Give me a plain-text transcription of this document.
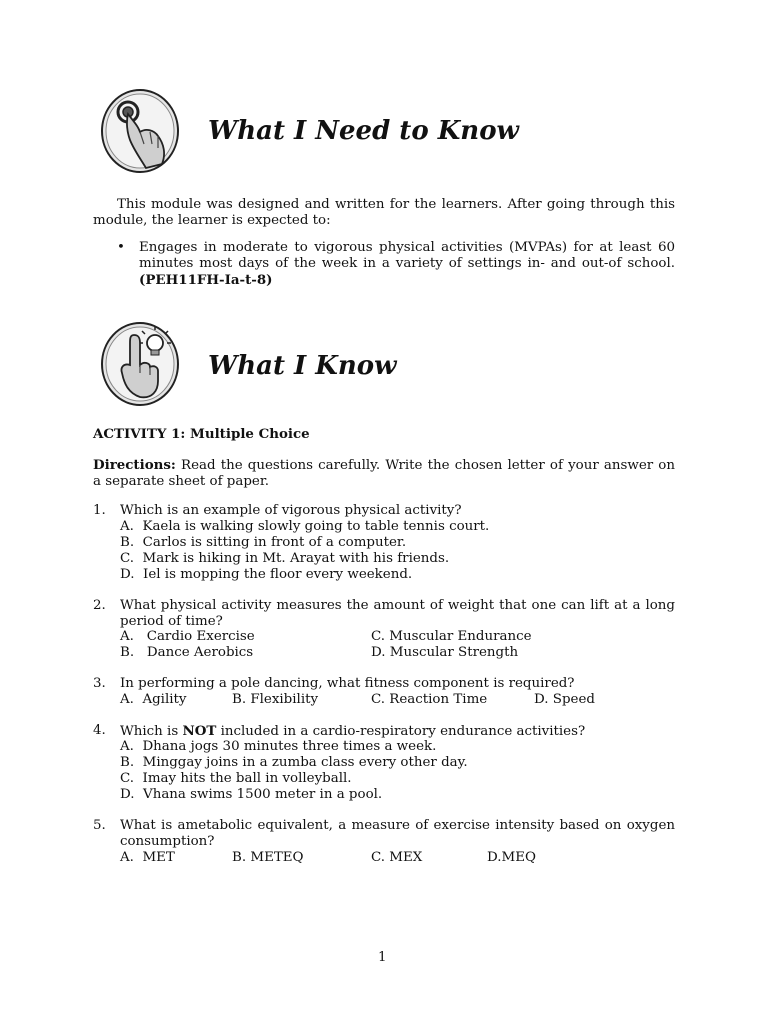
What I Need to Know
This module was designed and written for the learners. After going through this module, the learner is expected to:
• Engages in moderate to vigorous physical activities (MVPAs) for at least 60 minutes most days of the week in a variety of settings in- and out-of school. (PEH11FH-Ia-t-8)
What I Know
ACTIVITY 1: Multiple Choice
Directions: Read the questions carefully. Write the chosen letter of your answer on a separate sheet of paper.
1. Which is an example of vigorous physical activity?
A.  Kaela is walking slowly going to table tennis court.
B.  Carlos is sitting in front of a computer.
C.  Mark is hiking in Mt. Arayat with his friends.
D.  Iel is mopping the floor every weekend.
2. What physical activity measures the amount of weight that one can lift at a long period of time?
A.   Cardio Exercise	C. Muscular Endurance
B.   Dance Aerobics	D. Muscular Strength
3. In performing a pole dancing, what fitness component is required?
A.  Agility	B. Flexibility	C. Reaction Time	D. Speed
4. Which is NOT included in a cardio-respiratory endurance activities?
A.  Dhana jogs 30 minutes three times a week.
B.  Minggay joins in a zumba class every other day.
C.  Imay hits the ball in volleyball.
D.  Vhana swims 1500 meter in a pool.
5. What is ametabolic equivalent, a measure of exercise intensity based on oxygen consumption?
A.  MET	B. METEQ	C. MEX	D.MEQ
1
